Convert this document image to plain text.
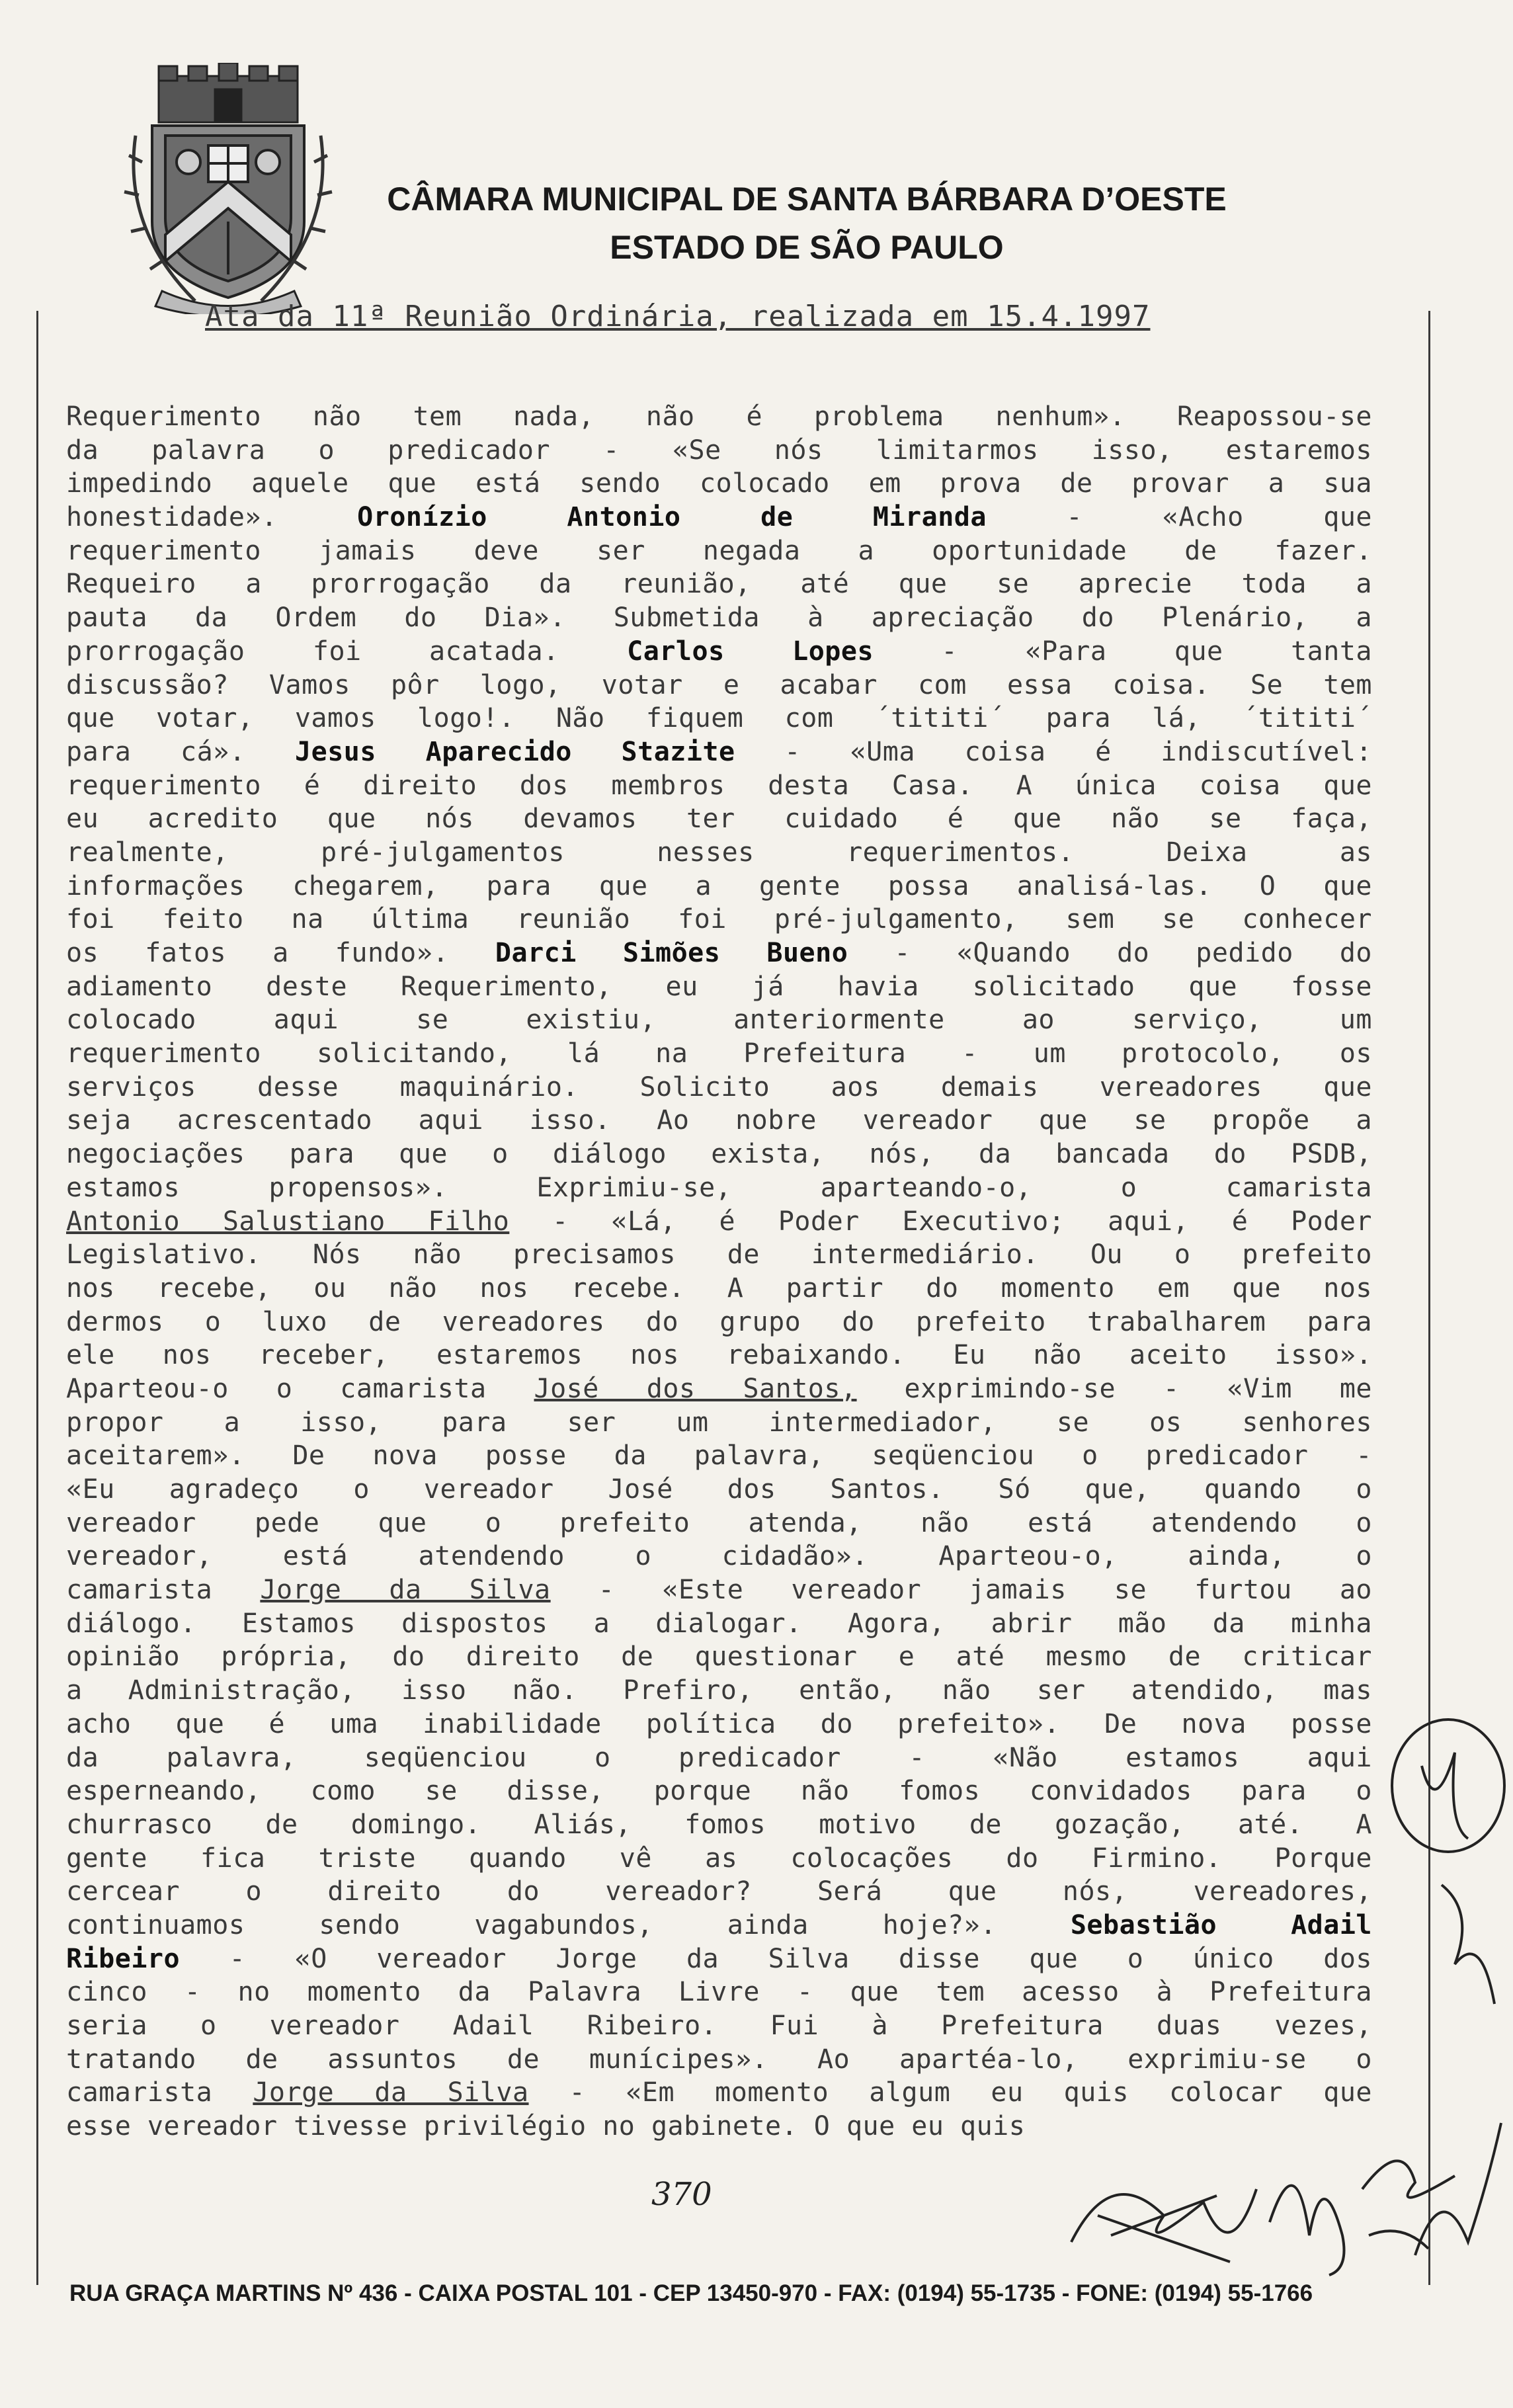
CÂMARA MUNICIPAL DE SANTA BÁRBARA D’OESTE
ESTADO DE SÃO PAULO
Ata da 11ª Reunião Ordinária, realizada em 15.4.1997
Requerimento não tem nada, não é problema nenhum». Reapossou-se
da palavra o predicador - «Se nós limitarmos isso, estaremos
impedindo aquele que está sendo colocado em prova de provar a sua
honestidade». Oronízio Antonio de Miranda - «Acho que
requerimento jamais deve ser negada a oportunidade de fazer.
Requeiro a prorrogação da reunião, até que se aprecie toda a
pauta da Ordem do Dia». Submetida à apreciação do Plenário, a
prorrogação foi acatada. Carlos Lopes - «Para que tanta
discussão? Vamos pôr logo, votar e acabar com essa coisa. Se tem
que votar, vamos logo!. Não fiquem com ´tititi´ para lá, ´tititi´
para cá». Jesus Aparecido Stazite - «Uma coisa é indiscutível:
requerimento é direito dos membros desta Casa. A única coisa que
eu acredito que nós devamos ter cuidado é que não se faça,
realmente, pré-julgamentos nesses requerimentos. Deixa as
informações chegarem, para que a gente possa analisá-las. O que
foi feito na última reunião foi pré-julgamento, sem se conhecer
os fatos a fundo». Darci Simões Bueno - «Quando do pedido do
adiamento deste Requerimento, eu já havia solicitado que fosse
colocado aqui se existiu, anteriormente ao serviço, um
requerimento solicitando, lá na Prefeitura - um protocolo, os
serviços desse maquinário. Solicito aos demais vereadores que
seja acrescentado aqui isso. Ao nobre vereador que se propõe a
negociações para que o diálogo exista, nós, da bancada do PSDB,
estamos propensos». Exprimiu-se, aparteando-o, o camarista
Antonio Salustiano Filho - «Lá, é Poder Executivo; aqui, é Poder
Legislativo. Nós não precisamos de intermediário. Ou o prefeito
nos recebe, ou não nos recebe. A partir do momento em que nos
dermos o luxo de vereadores do grupo do prefeito trabalharem para
ele nos receber, estaremos nos rebaixando. Eu não aceito isso».
Aparteou-o o camarista José dos Santos, exprimindo-se - «Vim me
propor a isso, para ser um intermediador, se os senhores
aceitarem». De nova posse da palavra, seqüenciou o predicador -
«Eu agradeço o vereador José dos Santos. Só que, quando o
vereador pede que o prefeito atenda, não está atendendo o
vereador, está atendendo o cidadão». Aparteou-o, ainda, o
camarista Jorge da Silva - «Este vereador jamais se furtou ao
diálogo. Estamos dispostos a dialogar. Agora, abrir mão da minha
opinião própria, do direito de questionar e até mesmo de criticar
a Administração, isso não. Prefiro, então, não ser atendido, mas
acho que é uma inabilidade política do prefeito». De nova posse
da palavra, seqüenciou o predicador - «Não estamos aqui
esperneando, como se disse, porque não fomos convidados para o
churrasco de domingo. Aliás, fomos motivo de gozação, até. A
gente fica triste quando vê as colocações do Firmino. Porque
cercear o direito do vereador? Será que nós, vereadores,
continuamos sendo vagabundos, ainda hoje?». Sebastião Adail
Ribeiro - «O vereador Jorge da Silva disse que o único dos
cinco - no momento da Palavra Livre - que tem acesso à Prefeitura
seria o vereador Adail Ribeiro. Fui à Prefeitura duas vezes,
tratando de assuntos de munícipes». Ao apartéa-lo, exprimiu-se o
camarista Jorge da Silva - «Em momento algum eu quis colocar que
esse vereador tivesse privilégio no gabinete. O que eu quis
370
RUA GRAÇA MARTINS Nº 436 - CAIXA POSTAL 101 - CEP 13450-970 - FAX: (0194) 55-1735 - FONE: (0194) 55-1766
